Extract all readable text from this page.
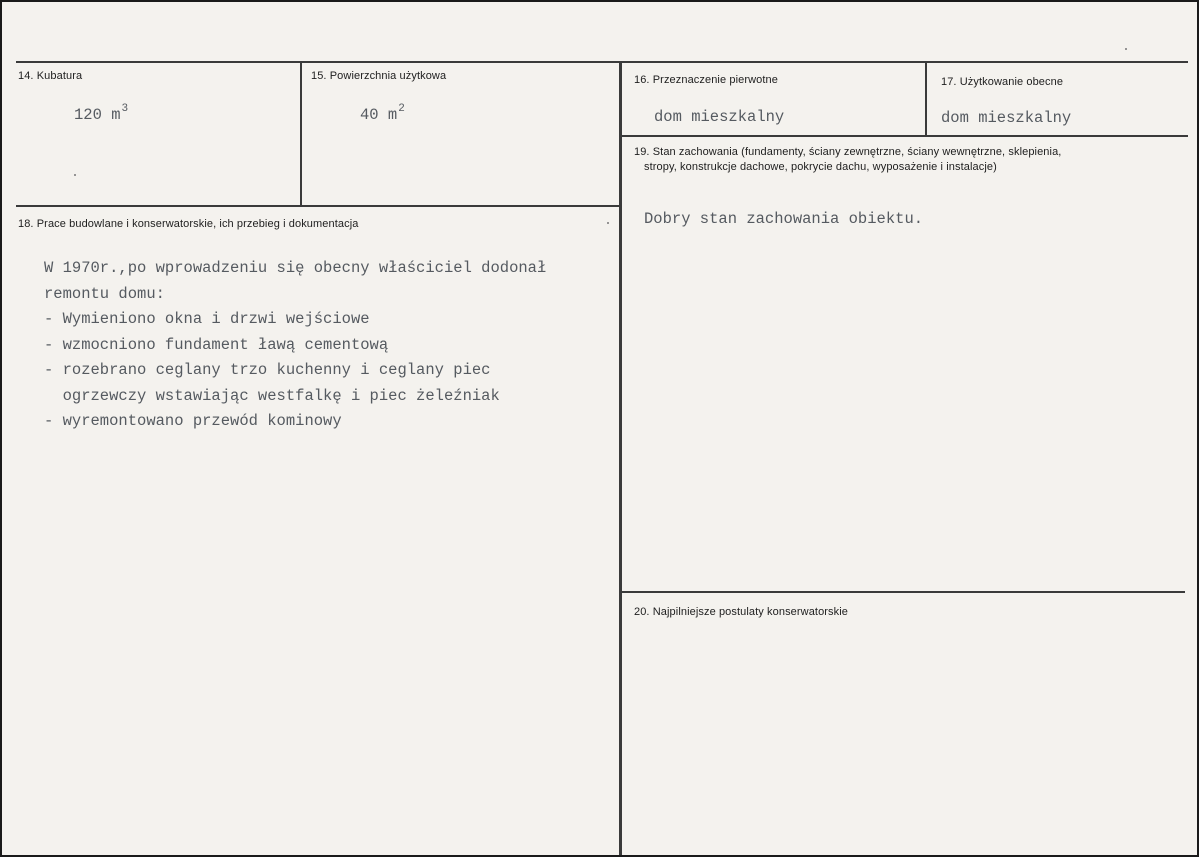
14. Kubatura
120 $m^3$
15. Powierzchnia użytkowa
40 $m^2$
16. Przeznaczenie pierwotne
dom mieszkalny
17. Użytkowanie obecne
dom mieszkalny
19. Stan zachowania (fundamenty, ściany zewnętrzne, ściany wewnętrzne, sklepienia,
stropy, konstrukcje dachowe, pokrycie dachu, wyposażenie i instalacje)
Dobry stan zachowania obiektu.
18. Prace budowlane i konserwatorskie, ich przebieg i dokumentacja
W 1970r.,po wprowadzeniu się obecny właściciel dodonał
remontu domu:
- Wymieniono okna i drzwi wejściowe
- wzmocniono fundament ławą cementową
- rozebrano ceglany trzo kuchenny i ceglany piec
ogrzewczy wstawiając westfalkę i piec żeleźniak
- wyremontowano przewód kominowy
20. Najpilniejsze postulaty konserwatorskie
